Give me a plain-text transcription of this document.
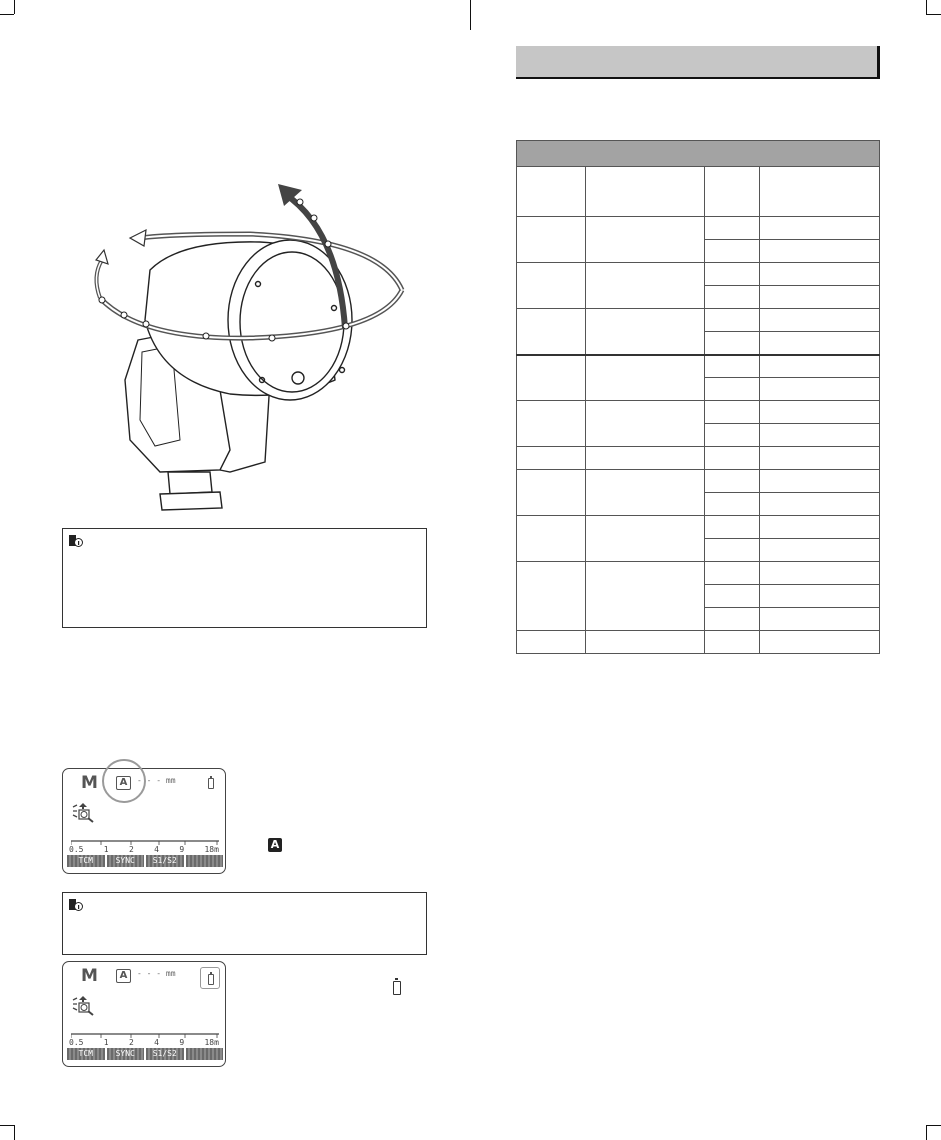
M	A	- - - mm
0.5	1	2	4	9	18m
TCM	SYNC	S1/S2
A
M	A	- - - mm
0.5	1	2	4	9	18m
TCM	SYNC	S1/S2
